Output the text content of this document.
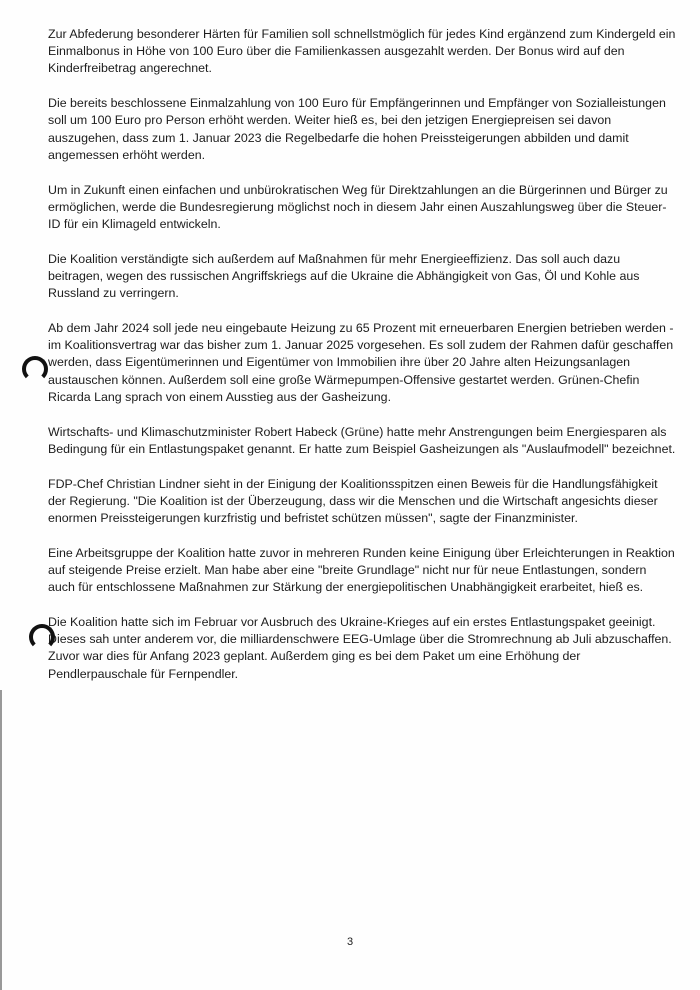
Zur Abfederung besonderer Härten für Familien soll schnellstmöglich für jedes Kind ergänzend zum Kindergeld ein Einmalbonus in Höhe von 100 Euro über die Familienkassen ausgezahlt werden. Der Bonus wird auf den Kinderfreibetrag angerechnet.

Die bereits beschlossene Einmalzahlung von 100 Euro für Empfängerinnen und Empfänger von Sozialleistungen soll um 100 Euro pro Person erhöht werden. Weiter hieß es, bei den jetzigen Energiepreisen sei davon auszugehen, dass zum 1. Januar 2023 die Regelbedarfe die hohen Preissteigerungen abbilden und damit angemessen erhöht werden.

Um in Zukunft einen einfachen und unbürokratischen Weg für Direktzahlungen an die Bürgerinnen und Bürger zu ermöglichen, werde die Bundesregierung möglichst noch in diesem Jahr einen Auszahlungsweg über die Steuer-ID für ein Klimageld entwickeln.

Die Koalition verständigte sich außerdem auf Maßnahmen für mehr Energieeffizienz. Das soll auch dazu beitragen, wegen des russischen Angriffskriegs auf die Ukraine die Abhängigkeit von Gas, Öl und Kohle aus Russland zu verringern.

Ab dem Jahr 2024 soll jede neu eingebaute Heizung zu 65 Prozent mit erneuerbaren Energien betrieben werden - im Koalitionsvertrag war das bisher zum 1. Januar 2025 vorgesehen. Es soll zudem der Rahmen dafür geschaffen werden, dass Eigentümerinnen und Eigentümer von Immobilien ihre über 20 Jahre alten Heizungsanlagen austauschen können. Außerdem soll eine große Wärmepumpen-Offensive gestartet werden. Grünen-Chefin Ricarda Lang sprach von einem Ausstieg aus der Gasheizung.

Wirtschafts- und Klimaschutzminister Robert Habeck (Grüne) hatte mehr Anstrengungen beim Energiesparen als Bedingung für ein Entlastungspaket genannt. Er hatte zum Beispiel Gasheizungen als "Auslaufmodell" bezeichnet.

FDP-Chef Christian Lindner sieht in der Einigung der Koalitionsspitzen einen Beweis für die Handlungsfähigkeit der Regierung. "Die Koalition ist der Überzeugung, dass wir die Menschen und die Wirtschaft angesichts dieser enormen Preissteigerungen kurzfristig und befristet schützen müssen", sagte der Finanzminister.

Eine Arbeitsgruppe der Koalition hatte zuvor in mehreren Runden keine Einigung über Erleichterungen in Reaktion auf steigende Preise erzielt. Man habe aber eine "breite Grundlage" nicht nur für neue Entlastungen, sondern auch für entschlossene Maßnahmen zur Stärkung der energiepolitischen Unabhängigkeit erarbeitet, hieß es.

Die Koalition hatte sich im Februar vor Ausbruch des Ukraine-Krieges auf ein erstes Entlastungspaket geeinigt. Dieses sah unter anderem vor, die milliardenschwere EEG-Umlage über die Stromrechnung ab Juli abzuschaffen. Zuvor war dies für Anfang 2023 geplant. Außerdem ging es bei dem Paket um eine Erhöhung der Pendlerpauschale für Fernpendler.

3
